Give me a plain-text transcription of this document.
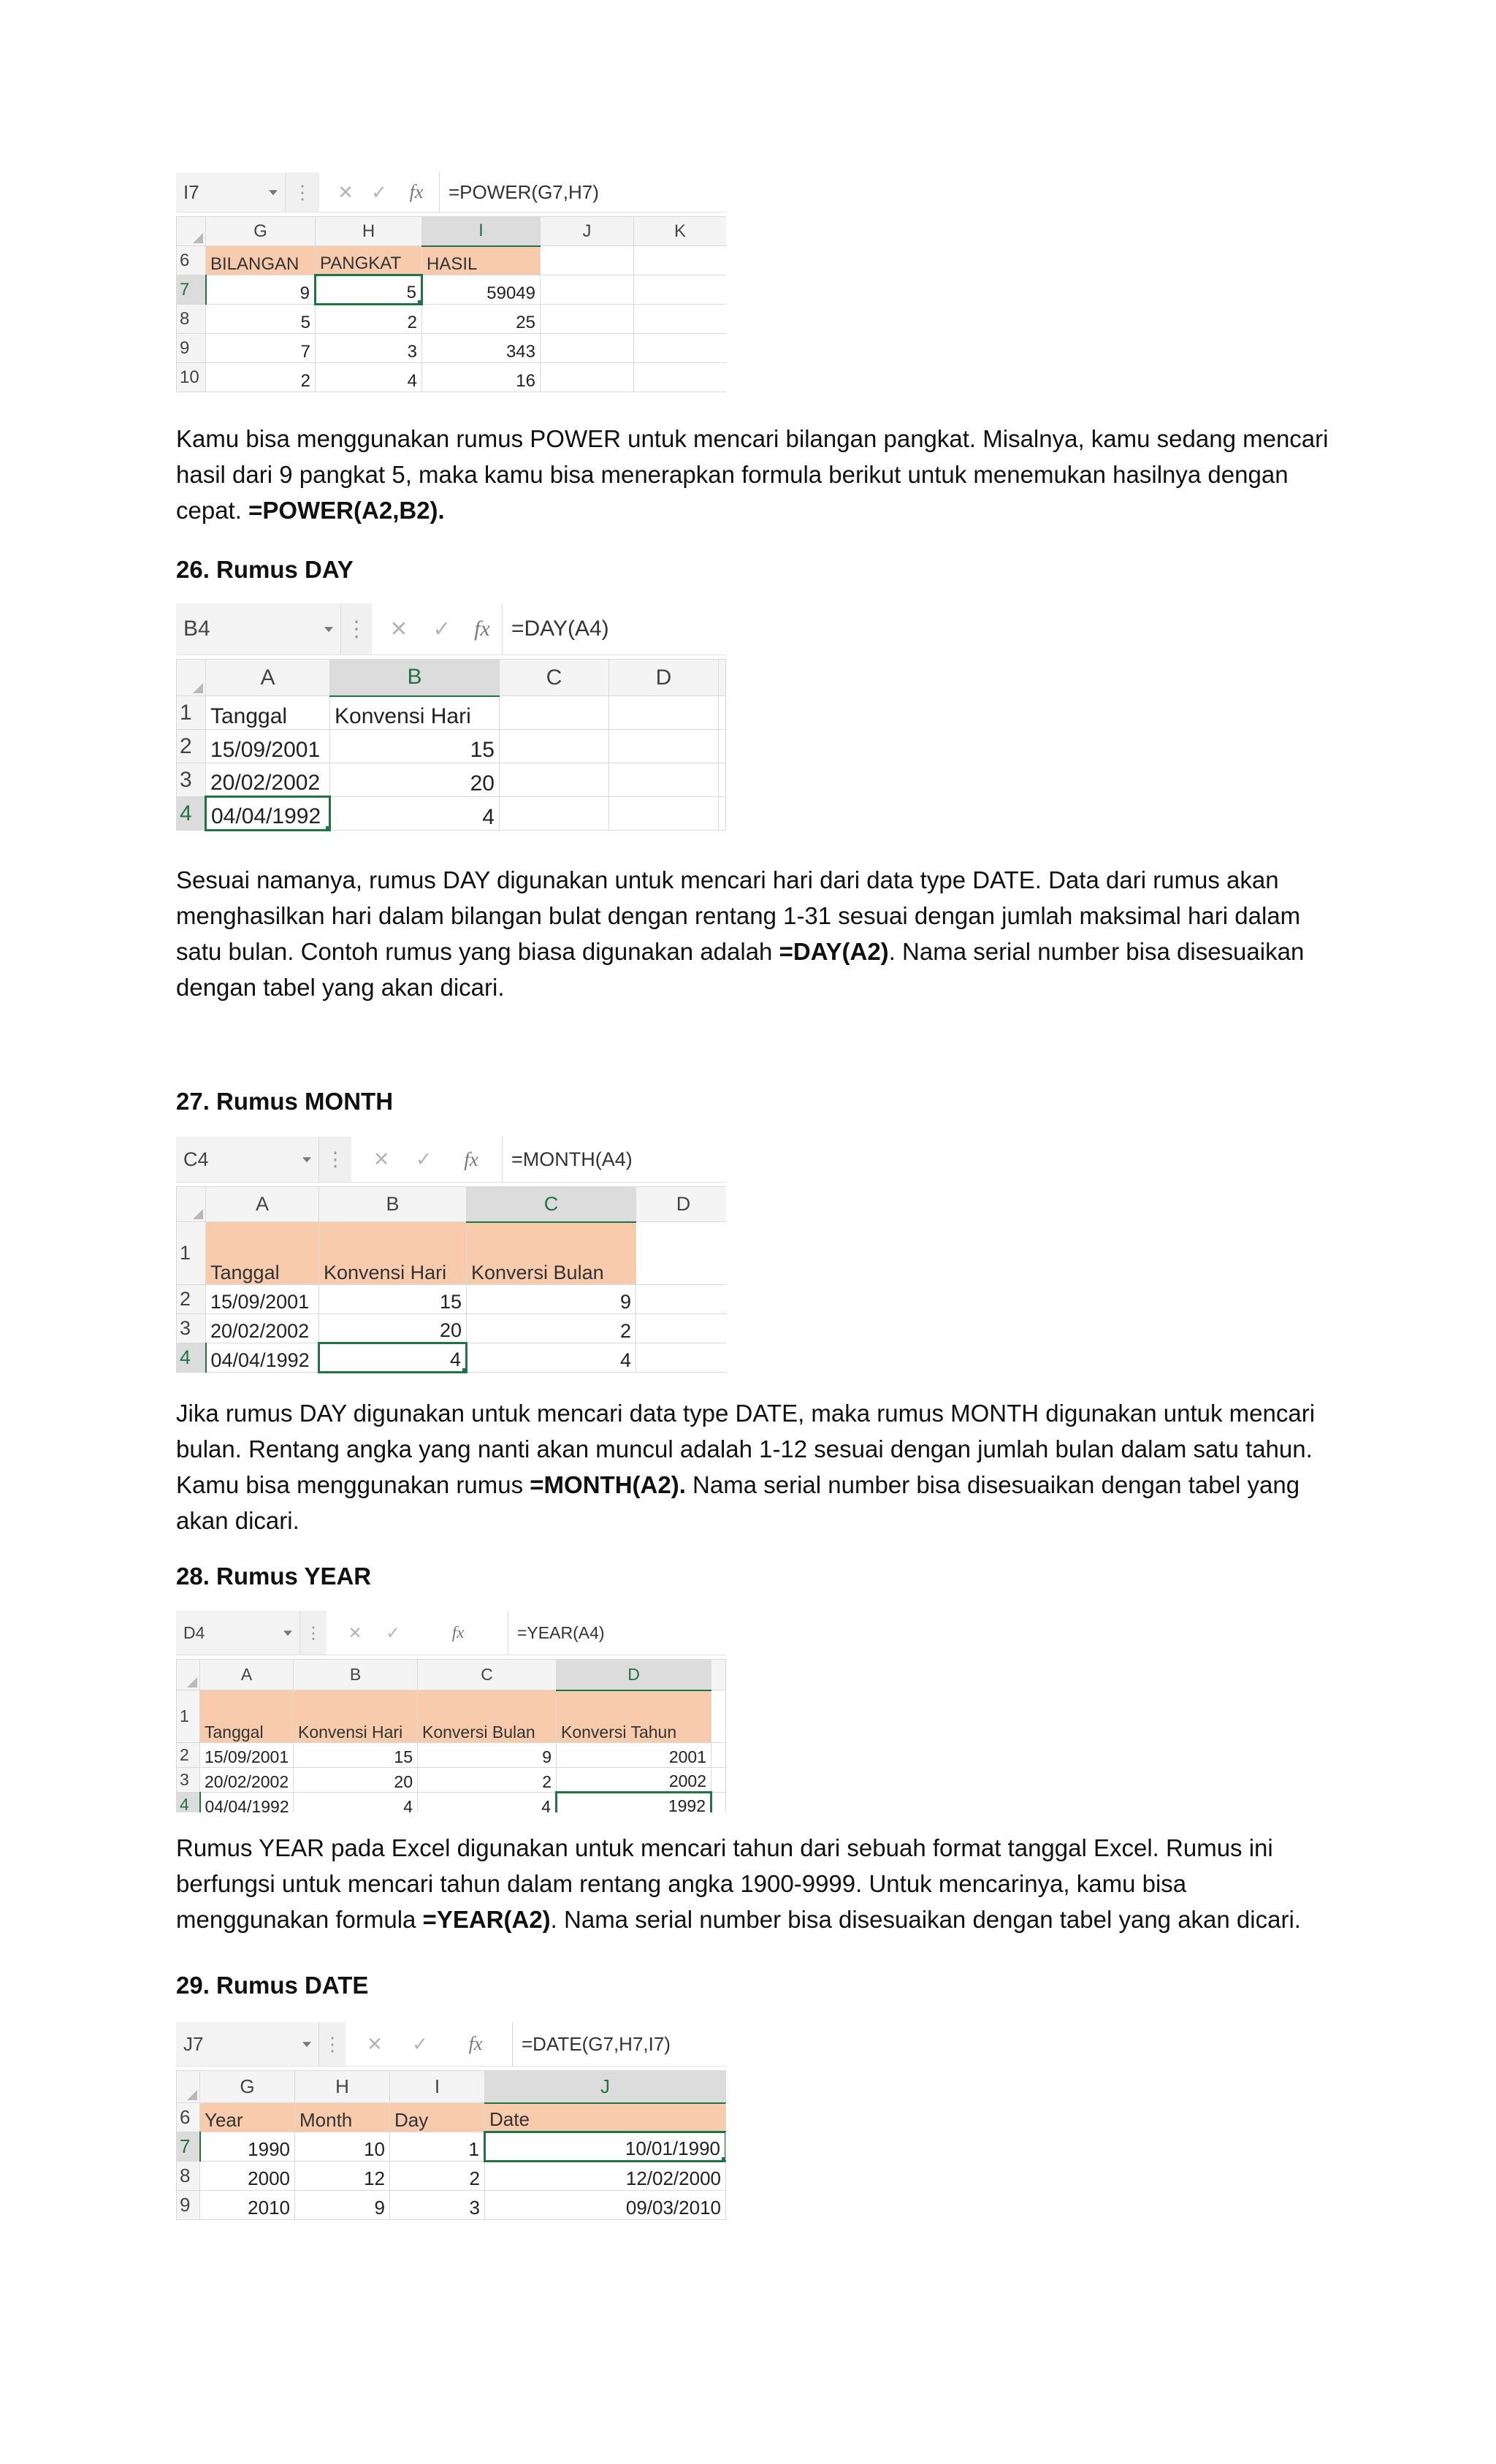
I7	⋮	✕ ✓	fx	=POWER(G7,H7)
	G	H	I	J	K	
6	BILANGAN	PANGKAT	HASIL			
7	9	5	59049			
8	5	2	25			
9	7	3	343			
10	2	4	16			

Kamu bisa menggunakan rumus POWER untuk mencari bilangan pangkat. Misalnya, kamu sedang mencari hasil dari 9 pangkat 5, maka kamu bisa menerapkan formula berikut untuk menemukan hasilnya dengan cepat. =POWER(A2,B2).

26. Rumus DAY
B4	⋮	✕	✓	fx =DAY(A4)
	A	B	C	D	
1	Tanggal	Konvensi Hari			
2	15/09/2001	15			
3	20/02/2002	20			
4	04/04/1992	4			

Sesuai namanya, rumus DAY digunakan untuk mencari hari dari data type DATE. Data dari rumus akan menghasilkan hari dalam bilangan bulat dengan rentang 1-31 sesuai dengan jumlah maksimal hari dalam satu bulan. Contoh rumus yang biasa digunakan adalah =DAY(A2). Nama serial number bisa disesuaikan dengan tabel yang akan dicari.

27. Rumus MONTH
C4	⋮	✕	✓	fx	=MONTH(A4)
	A	B	C	D	
1	Tanggal	Konvensi Hari	Konversi Bulan		
2	15/09/2001	15	9		
3	20/02/2002	20	2		
4	04/04/1992	4	4		

Jika rumus DAY digunakan untuk mencari data type DATE, maka rumus MONTH digunakan untuk mencari bulan. Rentang angka yang nanti akan muncul adalah 1-12 sesuai dengan jumlah bulan dalam satu tahun. Kamu bisa menggunakan rumus =MONTH(A2). Nama serial number bisa disesuaikan dengan tabel yang akan dicari.

28. Rumus YEAR
D4	⋮	✕	✓	fx	=YEAR(A4)
	A	B	C	D	
1	Tanggal	Konvensi Hari	Konversi Bulan	Konversi Tahun	
2	15/09/2001	15	9	2001	
3	20/02/2002	20	2	2002	
4	04/04/1992	4	4	1992	

Rumus YEAR pada Excel digunakan untuk mencari tahun dari sebuah format tanggal Excel. Rumus ini berfungsi untuk mencari tahun dalam rentang angka 1900-9999. Untuk mencarinya, kamu bisa menggunakan formula =YEAR(A2). Nama serial number bisa disesuaikan dengan tabel yang akan dicari.

29. Rumus DATE
J7	⋮	✕	✓	fx	=DATE(G7,H7,I7)
	G	H	I	J	
6	Year	Month	Day	Date	
7	1990	10	1	10/01/1990	
8	2000	12	2	12/02/2000	
9	2010	9	3	09/03/2010	
